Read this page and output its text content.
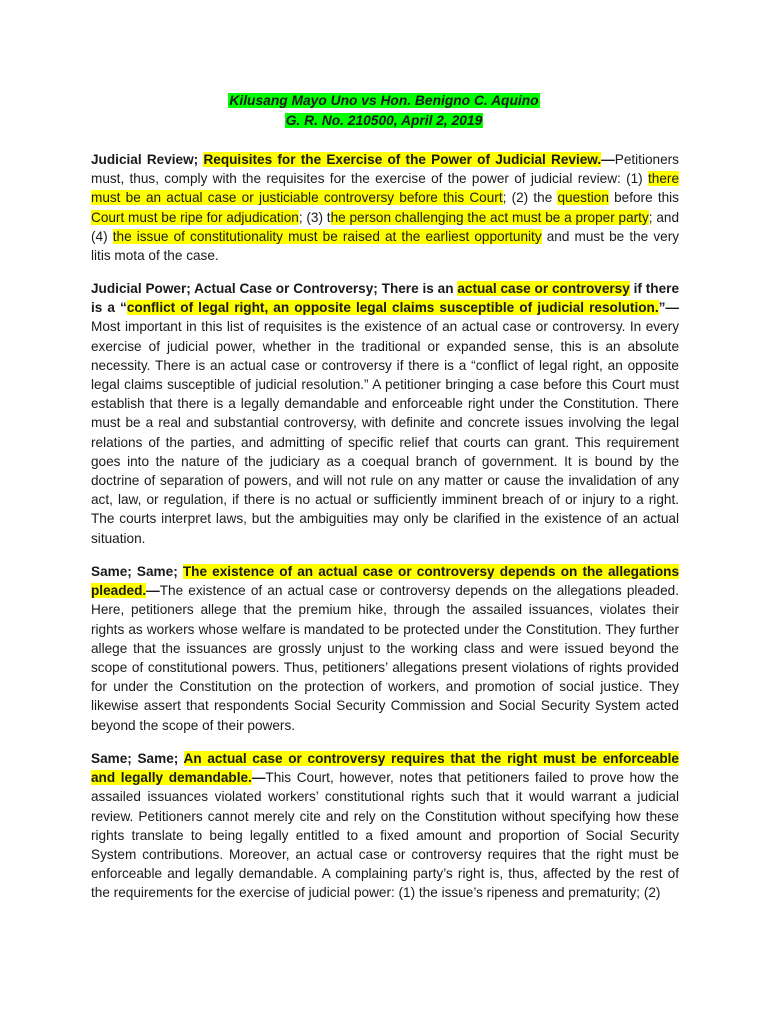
Kilusang Mayo Uno vs Hon. Benigno C. Aquino
G. R. No. 210500, April 2, 2019
Judicial Review; Requisites for the Exercise of the Power of Judicial Review.—Petitioners must, thus, comply with the requisites for the exercise of the power of judicial review: (1) there must be an actual case or justiciable controversy before this Court; (2) the question before this Court must be ripe for adjudication; (3) the person challenging the act must be a proper party; and (4) the issue of constitutionality must be raised at the earliest opportunity and must be the very litis mota of the case.
Judicial Power; Actual Case or Controversy; There is an actual case or controversy if there is a “conflict of legal right, an opposite legal claims susceptible of judicial resolution.”— Most important in this list of requisites is the existence of an actual case or controversy. In every exercise of judicial power, whether in the traditional or expanded sense, this is an absolute necessity. There is an actual case or controversy if there is a “conflict of legal right, an opposite legal claims susceptible of judicial resolution.” A petitioner bringing a case before this Court must establish that there is a legally demandable and enforceable right under the Constitution. There must be a real and substantial controversy, with definite and concrete issues involving the legal relations of the parties, and admitting of specific relief that courts can grant. This requirement goes into the nature of the judiciary as a coequal branch of government. It is bound by the doctrine of separation of powers, and will not rule on any matter or cause the invalidation of any act, law, or regulation, if there is no actual or sufficiently imminent breach of or injury to a right. The courts interpret laws, but the ambiguities may only be clarified in the existence of an actual situation.
Same; Same; The existence of an actual case or controversy depends on the allegations pleaded.—The existence of an actual case or controversy depends on the allegations pleaded. Here, petitioners allege that the premium hike, through the assailed issuances, violates their rights as workers whose welfare is mandated to be protected under the Constitution. They further allege that the issuances are grossly unjust to the working class and were issued beyond the scope of constitutional powers. Thus, petitioners’ allegations present violations of rights provided for under the Constitution on the protection of workers, and promotion of social justice. They likewise assert that respondents Social Security Commission and Social Security System acted beyond the scope of their powers.
Same; Same; An actual case or controversy requires that the right must be enforceable and legally demandable.—This Court, however, notes that petitioners failed to prove how the assailed issuances violated workers’ constitutional rights such that it would warrant a judicial review. Petitioners cannot merely cite and rely on the Constitution without specifying how these rights translate to being legally entitled to a fixed amount and proportion of Social Security System contributions. Moreover, an actual case or controversy requires that the right must be enforceable and legally demandable. A complaining party’s right is, thus, affected by the rest of the requirements for the exercise of judicial power: (1) the issue’s ripeness and prematurity; (2)
